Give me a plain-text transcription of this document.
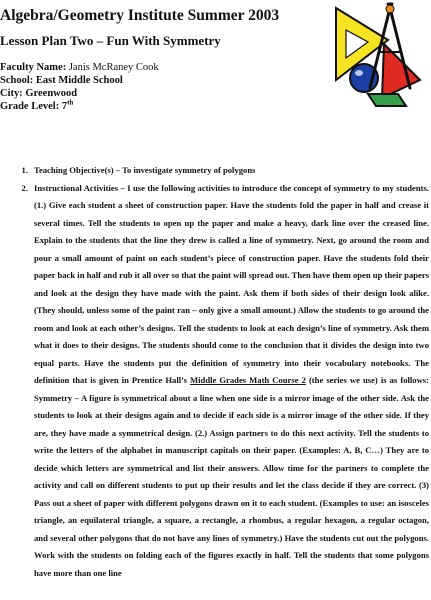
Algebra/Geometry Institute Summer 2003
Lesson Plan Two – Fun With Symmetry
Faculty Name: Janis McRaney Cook
School: East Middle School
City: Greenwood
Grade Level: 7th
1. Teaching Objective(s) – To investigate symmetry of polygons
2. Instructional Activities – I use the following activities to introduce the concept of symmetry to my students. (1.) Give each student a sheet of construction paper. Have the students fold the paper in half and crease it several times. Tell the students to open up the paper and make a heavy, dark line over the creased line. Explain to the students that the line they drew is called a line of symmetry. Next, go around the room and pour a small amount of paint on each student’s piece of construction paper. Have the students fold their paper back in half and rub it all over so that the paint will spread out. Then have them open up their papers and look at the design they have made with the paint. Ask them if both sides of their design look alike. (They should, unless some of the paint ran – only give a small amount.) Allow the students to go around the room and look at each other’s designs. Tell the students to look at each design’s line of symmetry. Ask them what it does to their designs. The students should come to the conclusion that it divides the design into two equal parts. Have the students put the definition of symmetry into their vocabulary notebooks. The definition that is given in Prentice Hall’s Middle Grades Math Course 2 (the series we use) is as follows: Symmetry – A figure is symmetrical about a line when one side is a mirror image of the other side. Ask the students to look at their designs again and to decide if each side is a mirror image of the other side. If they are, they have made a symmetrical design. (2.) Assign partners to do this next activity. Tell the students to write the letters of the alphabet in manuscript capitals on their paper. (Examples: A, B, C…) They are to decide which letters are symmetrical and list their answers. Allow time for the partners to complete the activity and call on different students to put up their results and let the class decide if they are correct. (3) Pass out a sheet of paper with different polygons drawn on it to each student. (Examples to use: an isosceles triangle, an equilateral triangle, a square, a rectangle, a rhombus, a regular hexagon, a regular octagon, and several other polygons that do not have any lines of symmetry.) Have the students cut out the polygons. Work with the students on folding each of the figures exactly in half. Tell the students that some polygons have more than one line
